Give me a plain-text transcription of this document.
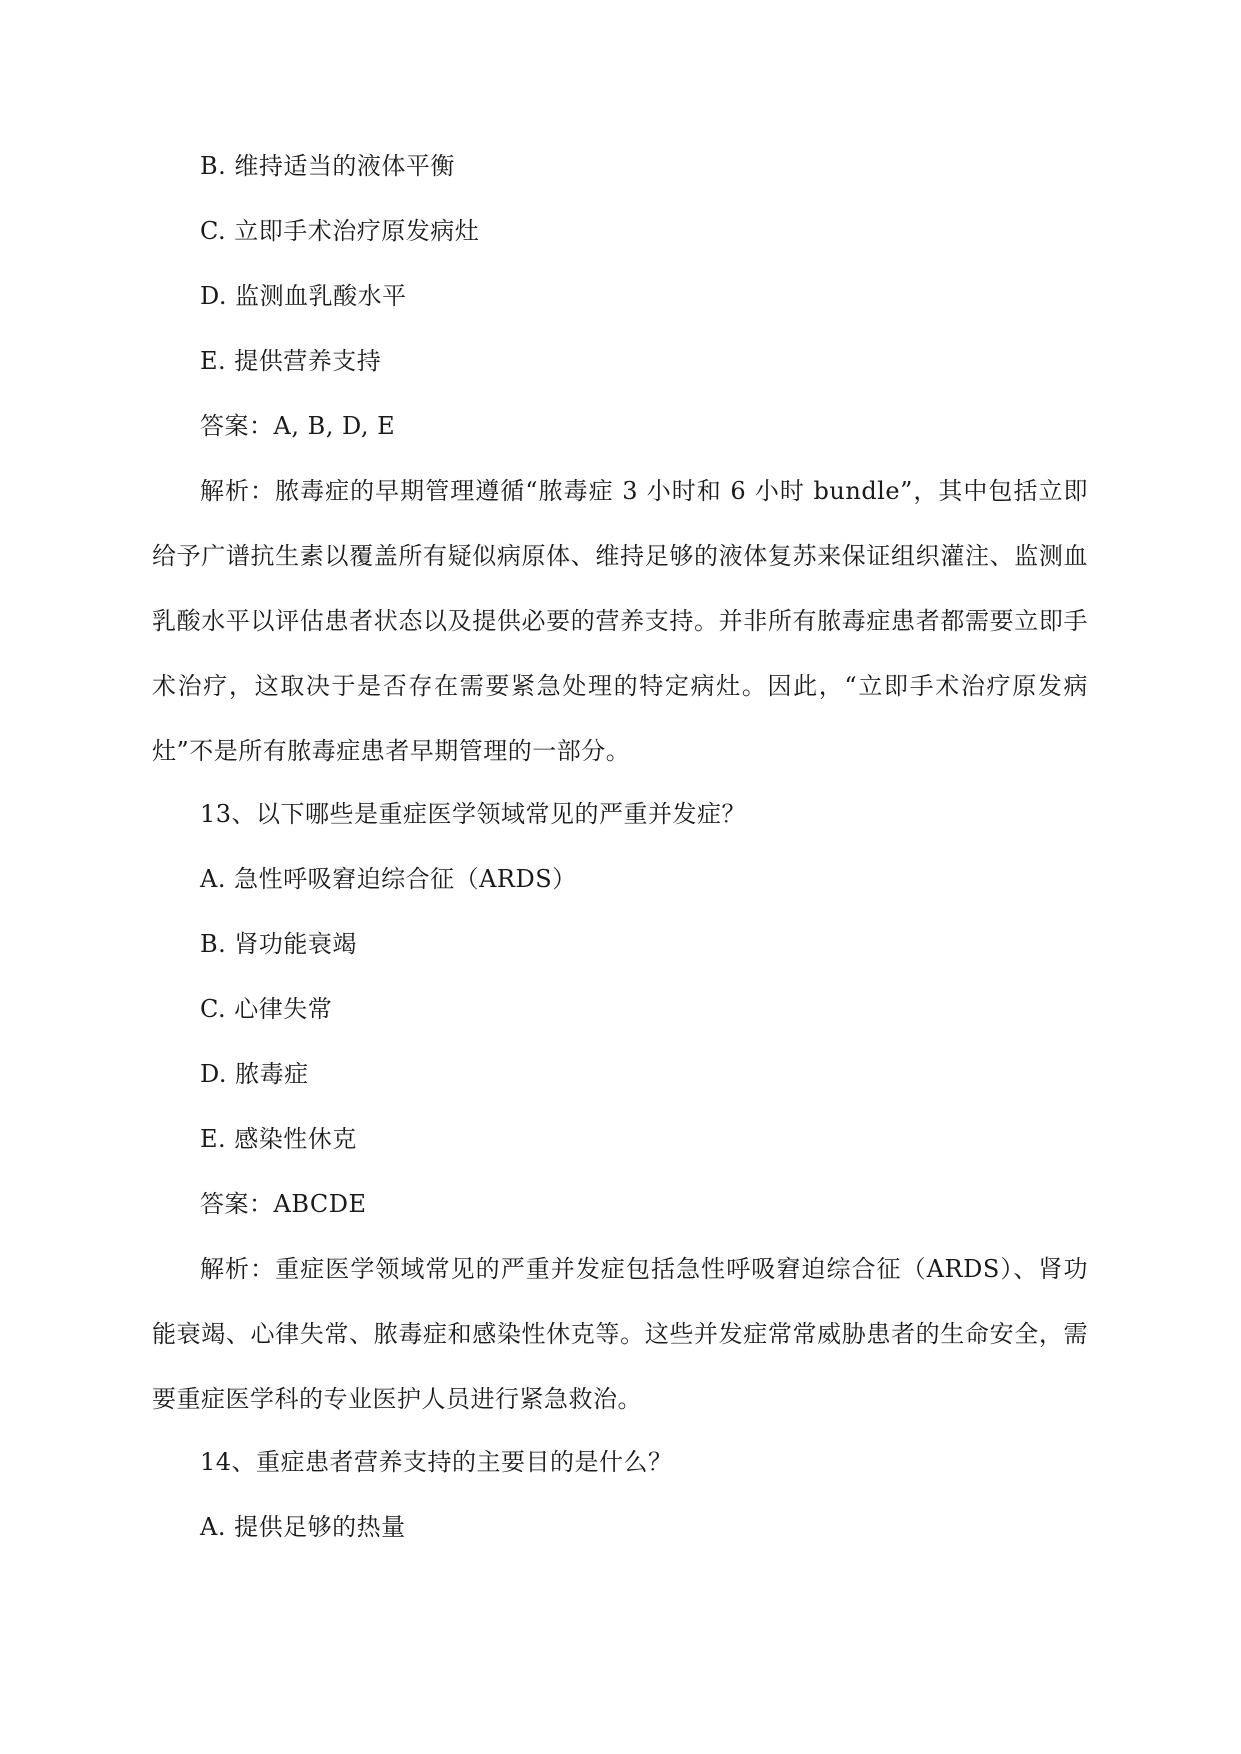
B. 维持适当的液体平衡
C. 立即手术治疗原发病灶
D. 监测血乳酸水平
E. 提供营养支持
答案：A, B, D, E
解析：脓毒症的早期管理遵循“脓毒症 3 小时和 6 小时 bundle”，其中包括立即给予广谱抗生素以覆盖所有疑似病原体、维持足够的液体复苏来保证组织灌注、监测血乳酸水平以评估患者状态以及提供必要的营养支持。并非所有脓毒症患者都需要立即手术治疗，这取决于是否存在需要紧急处理的特定病灶。因此，“立即手术治疗原发病灶”不是所有脓毒症患者早期管理的一部分。
13、以下哪些是重症医学领域常见的严重并发症？
A. 急性呼吸窘迫综合征（ARDS）
B. 肾功能衰竭
C. 心律失常
D. 脓毒症
E. 感染性休克
答案：ABCDE
解析：重症医学领域常见的严重并发症包括急性呼吸窘迫综合征（ARDS）、肾功能衰竭、心律失常、脓毒症和感染性休克等。这些并发症常常威胁患者的生命安全，需要重症医学科的专业医护人员进行紧急救治。
14、重症患者营养支持的主要目的是什么？
A. 提供足够的热量
